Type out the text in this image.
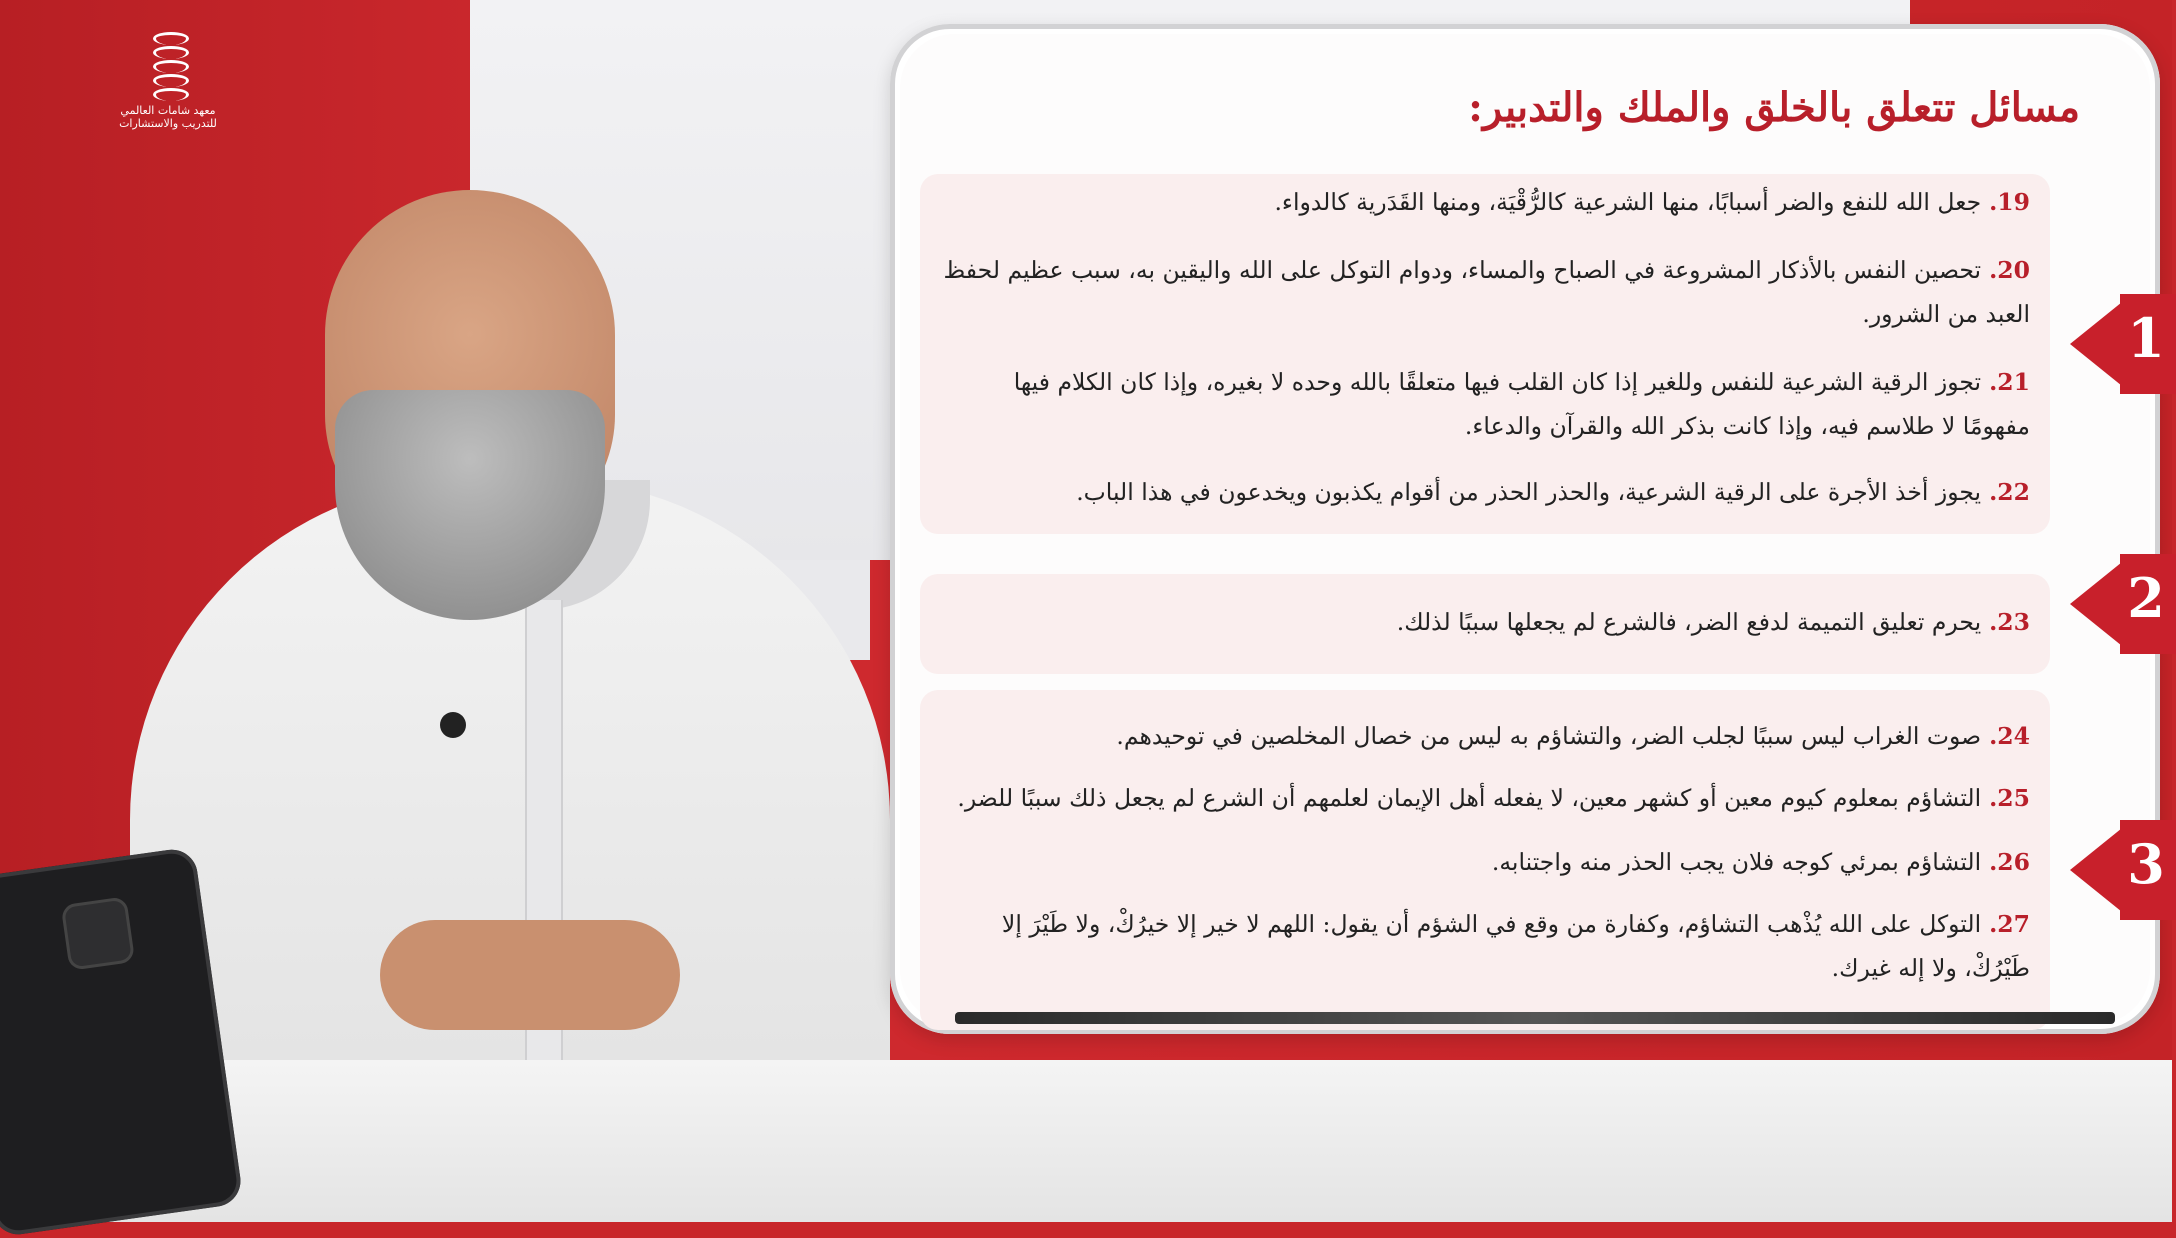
معهد شامات العالمي
للتدريب والاستشارات	مسائل تتعلق بالخلق والملك والتدبير:
19.جعل الله للنفع والضر أسبابًا، منها الشرعية كالرُّقْيَة، ومنها القَدَرية كالدواء.
20.تحصين النفس بالأذكار المشروعة في الصباح والمساء، ودوام التوكل على الله واليقين به، سبب عظيم لحفظ العبد من الشرور.
21.تجوز الرقية الشرعية للنفس وللغير إذا كان القلب فيها متعلقًا بالله وحده لا بغيره، وإذا كان الكلام فيها مفهومًا لا طلاسم فيه، وإذا كانت بذكر الله والقرآن والدعاء.
22.يجوز أخذ الأجرة على الرقية الشرعية، والحذر الحذر من أقوام يكذبون ويخدعون في هذا الباب.
23.يحرم تعليق التميمة لدفع الضر، فالشرع لم يجعلها سببًا لذلك.
24.صوت الغراب ليس سببًا لجلب الضر، والتشاؤم به ليس من خصال المخلصين في توحيدهم.
25.التشاؤم بمعلوم كيوم معين أو كشهر معين، لا يفعله أهل الإيمان لعلمهم أن الشرع لم يجعل ذلك سببًا للضر.
26.التشاؤم بمرئي كوجه فلان يجب الحذر منه واجتنابه.
27.التوكل على الله يُذْهب التشاؤم، وكفارة من وقع في الشؤم أن يقول: اللهم لا خير إلا خيرُكْ، ولا طَيْرَ إلا طَيْرُكْ، ولا إله غيرك.
1
2
3
